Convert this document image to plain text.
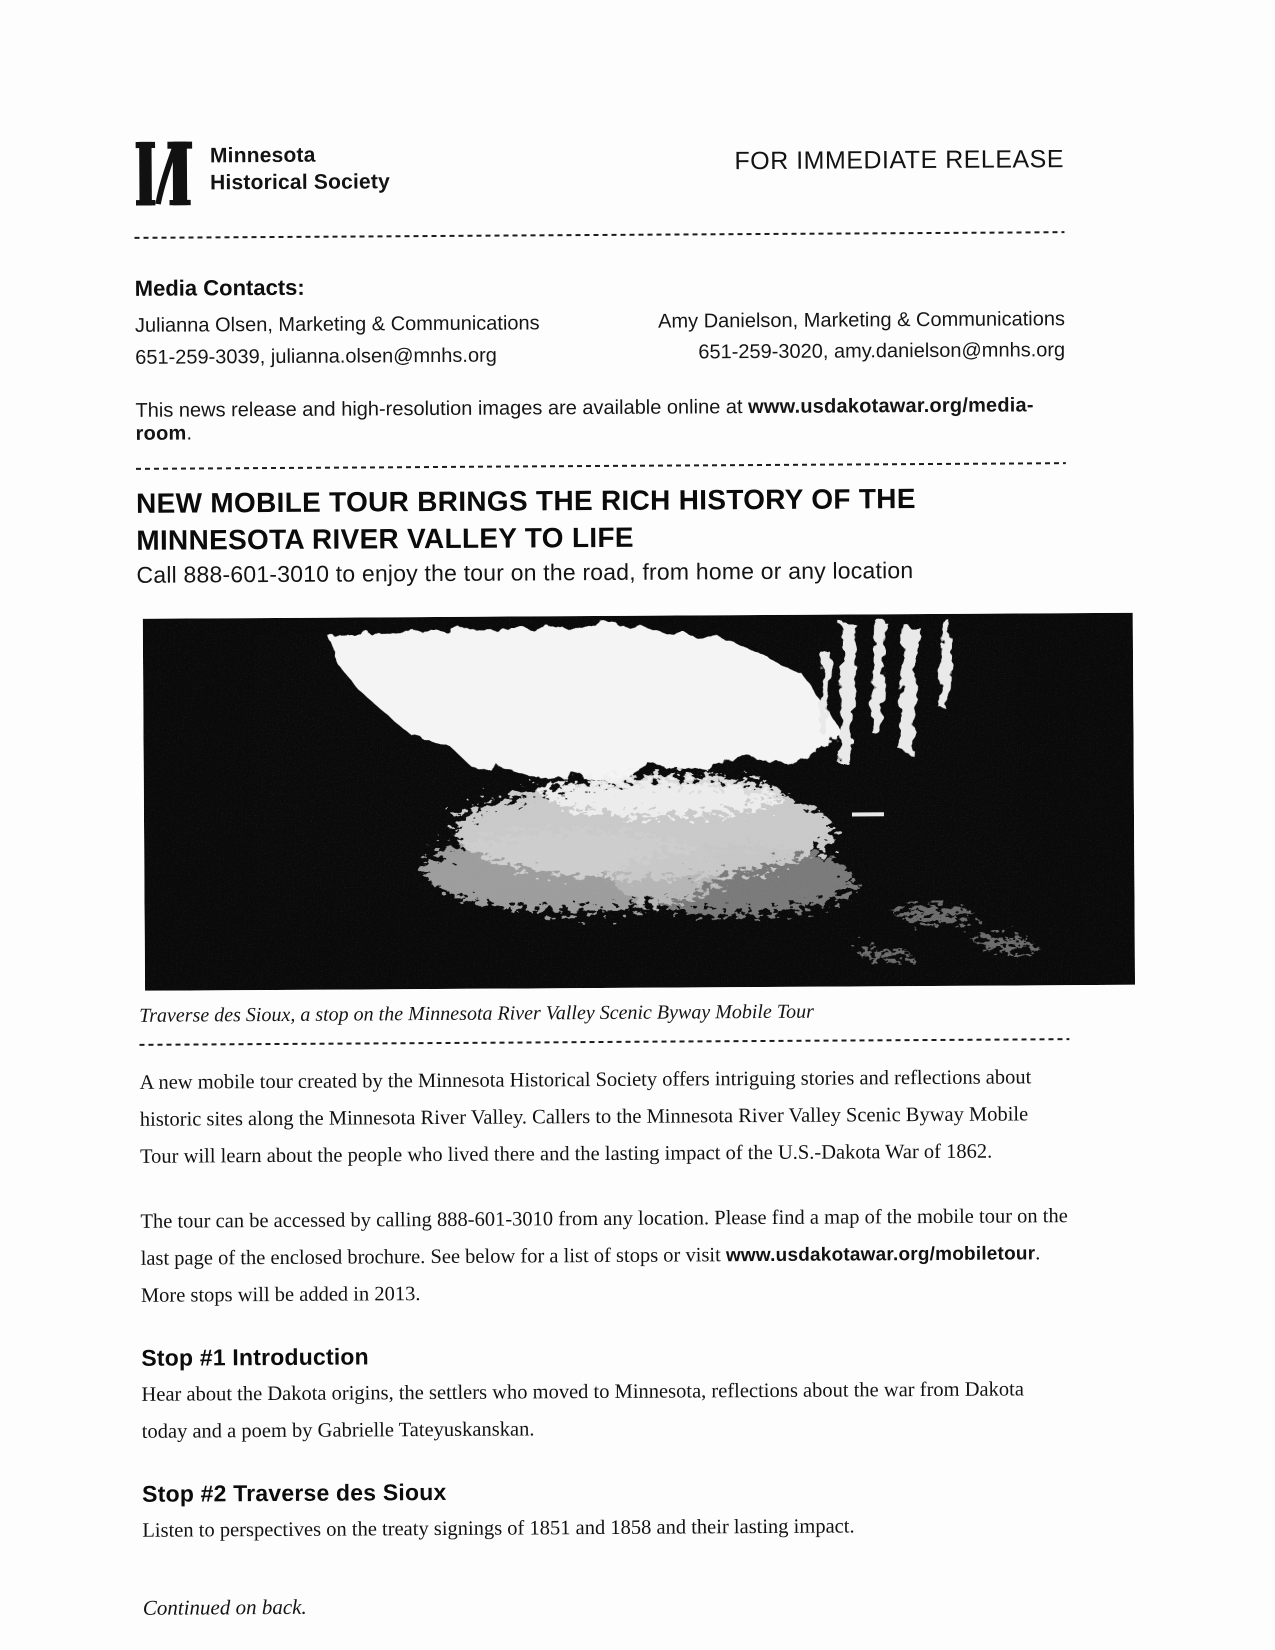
Minnesota
Historical Society
FOR IMMEDIATE RELEASE
Media Contacts:
Julianna Olsen, Marketing & Communications
651-259-3039, julianna.olsen@mnhs.org
Amy Danielson, Marketing & Communications
651-259-3020, amy.danielson@mnhs.org
This news release and high-resolution images are available online at www.usdakotawar.org/media-room.
NEW MOBILE TOUR BRINGS THE RICH HISTORY OF THE MINNESOTA RIVER VALLEY TO LIFE
Call 888-601-3010 to enjoy the tour on the road, from home or any location
Traverse des Sioux, a stop on the Minnesota River Valley Scenic Byway Mobile Tour

A new mobile tour created by the Minnesota Historical Society offers intriguing stories and reflections about historic sites along the Minnesota River Valley. Callers to the Minnesota River Valley Scenic Byway Mobile Tour will learn about the people who lived there and the lasting impact of the U.S.-Dakota War of 1862.

The tour can be accessed by calling 888-601-3010 from any location. Please find a map of the mobile tour on the last page of the enclosed brochure. See below for a list of stops or visit www.usdakotawar.org/mobiletour. More stops will be added in 2013.

Stop #1 Introduction

Hear about the Dakota origins, the settlers who moved to Minnesota, reflections about the war from Dakota today and a poem by Gabrielle Tateyuskanskan.

Stop #2 Traverse des Sioux

Listen to perspectives on the treaty signings of 1851 and 1858 and their lasting impact.

Continued on back.
